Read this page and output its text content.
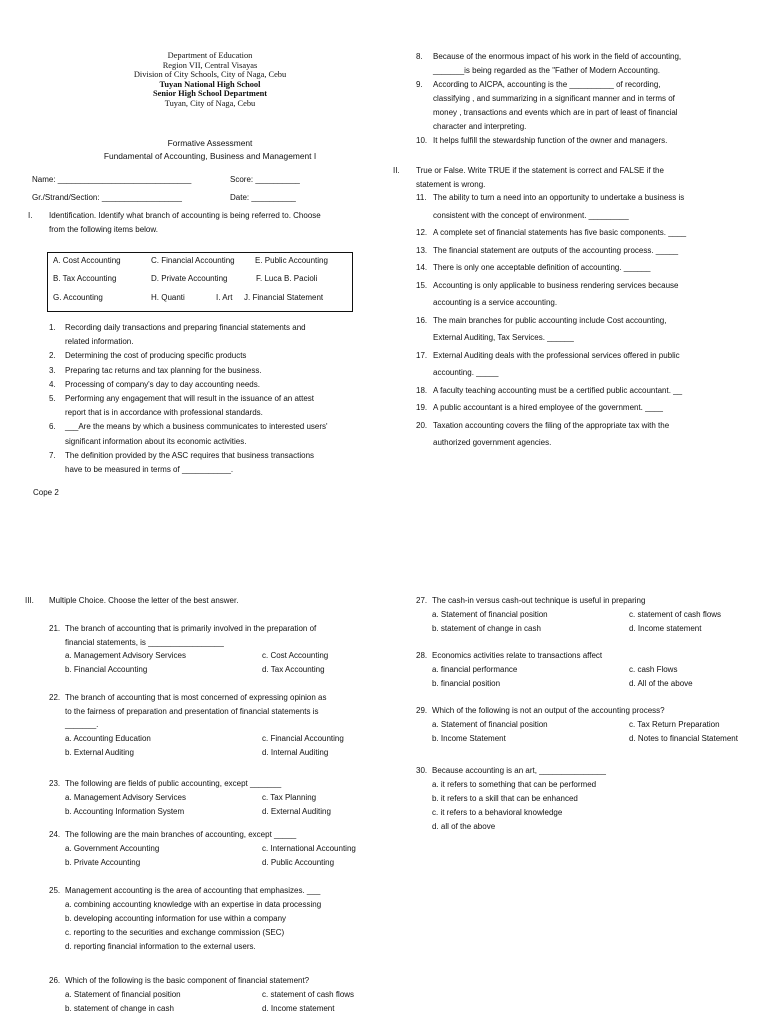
Department of Education
Region VII, Central Visayas
Division of City Schools, City of Naga, Cebu
Tuyan National High School
Senior High School Department
Tuyan, City of Naga, Cebu
Formative Assessment
Fundamental of Accounting, Business and Management I
Name: ______________________________	Score: __________
Gr./Strand/Section: __________________	Date: __________
I. Identification. Identify what branch of accounting is being referred to. Choose
from the following items below.
A. Cost Accounting	C. Financial Accounting	E. Public Accounting
B. Tax Accounting	D. Private Accounting	F. Luca B. Pacioli
G. Accounting	H. Quanti	I. Art J. Financial Statement
1. Recording daily transactions and preparing financial statements and
related information.
2. Determining the cost of producing specific products
3. Preparing tac returns and tax planning for the business.
4. Processing of company's day to day accounting needs.
5. Performing any engagement that will result in the issuance of an attest
report that is in accordance with professional standards.
6. ___Are the means by which a business communicates to interested users'
significant information about its economic activities.
7. The definition provided by the ASC requires that business transactions
have to be measured in terms of ___________.
Cope 2
8. Because of the enormous impact of his work in the field of accounting,
_______is being regarded as the "Father of Modern Accounting.
9. According to AICPA, accounting is the __________ of recording,
classifying , and summarizing in a significant manner and in terms of
money , transactions and events which are in part of least of financial
character and interpreting.
10. It helps fulfill the stewardship function of the owner and managers.
II. True or False. Write TRUE if the statement is correct and FALSE if the
statement is wrong.
11. The ability to turn a need into an opportunity to undertake a business is
consistent with the concept of environment. _________
12. A complete set of financial statements has five basic components. ____
13. The financial statement are outputs of the accounting process. _____
14. There is only one acceptable definition of accounting. ______
15. Accounting is only applicable to business rendering services because
accounting is a service accounting.
16. The main branches for public accounting include Cost accounting,
External Auditing, Tax Services. ______
17. External Auditing deals with the professional services offered in public
accounting. _____
18. A faculty teaching accounting must be a certified public accountant. __
19. A public accountant is a hired employee of the government. ____
20. Taxation accounting covers the filing of the appropriate tax with the
authorized government agencies.
III. Multiple Choice. Choose the letter of the best answer.
21. The branch of accounting that is primarily involved in the preparation of
financial statements, is _________________
a. Management Advisory Services	c. Cost Accounting
b. Financial Accounting	d. Tax Accounting
22. The branch of accounting that is most concerned of expressing opinion as
to the fairness of preparation and presentation of financial statements is
_______.
a. Accounting Education	c. Financial Accounting
b. External Auditing	d. Internal Auditing
23. The following are fields of public accounting, except _______
a. Management Advisory Services	c. Tax Planning
b. Accounting Information System	d. External Auditing
24. The following are the main branches of accounting, except _____
a. Government Accounting	c. International Accounting
b. Private Accounting	d. Public Accounting
25. Management accounting is the area of accounting that emphasizes. ___
a. combining accounting knowledge with an expertise in data processing
b. developing accounting information for use within a company
c. reporting to the securities and exchange commission (SEC)
d. reporting financial information to the external users.
26. Which of the following is the basic component of financial statement?
a. Statement of financial position	c. statement of cash flows
b. statement of change in cash	d. Income statement
27. The cash-in versus cash-out technique is useful in preparing
a. Statement of financial position	c. statement of cash flows
b. statement of change in cash	d. Income statement
28. Economics activities relate to transactions affect
a. financial performance	c. cash Flows
b. financial position	d. All of the above
29. Which of the following is not an output of the accounting process?
a. Statement of financial position	c. Tax Return Preparation
b. Income Statement	d. Notes to financial Statement
30. Because accounting is an art, _______________
a. it refers to something that can be performed
b. it refers to a skill that can be enhanced
c. it refers to a behavioral knowledge
d. all of the above
